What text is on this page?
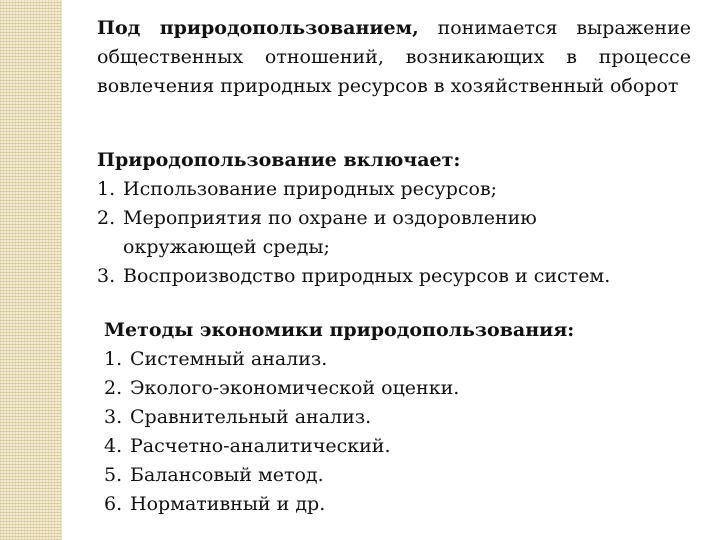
Под природопользованием, понимается выражение общественных отношений, возникающих в процессе вовлечения природных ресурсов в хозяйственный оборот
Природопользование включает:
1. Использование природных ресурсов;
2. Мероприятия по охране и оздоровлению окружающей среды;
3. Воспроизводство природных ресурсов и систем.
Методы экономики природопользования:
1. Системный анализ.
2. Эколого-экономической оценки.
3. Сравнительный анализ.
4. Расчетно-аналитический.
5. Балансовый метод.
6. Нормативный и др.
